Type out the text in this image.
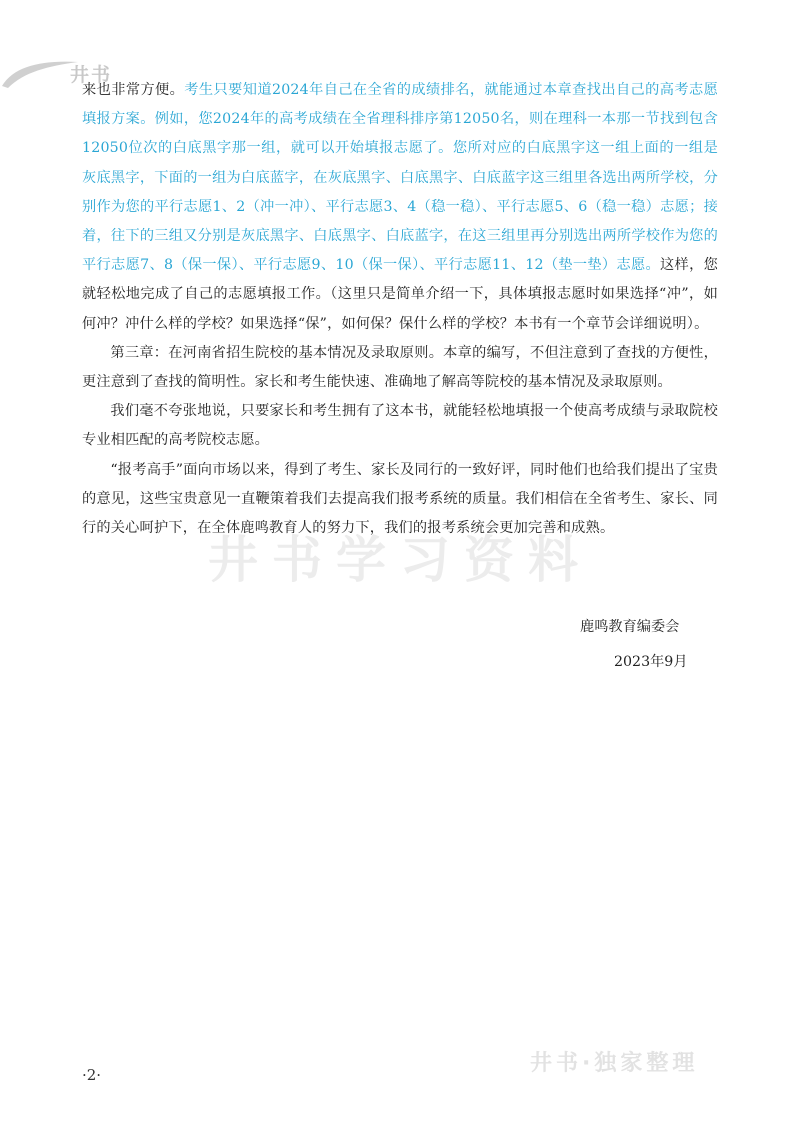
井书
井书学习资料

来也非常方便。考生只要知道2024年自己在全省的成绩排名，就能通过本章查找出自己的高考志愿填报方案。例如，您2024年的高考成绩在全省理科排序第12050名，则在理科一本那一节找到包含12050位次的白底黑字那一组，就可以开始填报志愿了。您所对应的白底黑字这一组上面的一组是灰底黑字，下面的一组为白底蓝字，在灰底黑字、白底黑字、白底蓝字这三组里各选出两所学校，分别作为您的平行志愿1、2（冲一冲）、平行志愿3、4（稳一稳）、平行志愿5、6（稳一稳）志愿；接着，往下的三组又分别是灰底黑字、白底黑字、白底蓝字，在这三组里再分别选出两所学校作为您的平行志愿7、8（保一保）、平行志愿9、10（保一保）、平行志愿11、12（垫一垫）志愿。这样，您就轻松地完成了自己的志愿填报工作。（这里只是简单介绍一下，具体填报志愿时如果选择“冲”，如何冲？冲什么样的学校？如果选择“保”，如何保？保什么样的学校？本书有一个章节会详细说明）。

第三章：在河南省招生院校的基本情况及录取原则。本章的编写，不但注意到了查找的方便性，更注意到了查找的简明性。家长和考生能快速、准确地了解高等院校的基本情况及录取原则。

我们毫不夸张地说，只要家长和考生拥有了这本书，就能轻松地填报一个使高考成绩与录取院校专业相匹配的高考院校志愿。

“报考高手”面向市场以来，得到了考生、家长及同行的一致好评，同时他们也给我们提出了宝贵的意见，这些宝贵意见一直鞭策着我们去提高我们报考系统的质量。我们相信在全省考生、家长、同行的关心呵护下，在全体鹿鸣教育人的努力下，我们的报考系统会更加完善和成熟。

鹿鸣教育编委会
2023年9月
·2·	井书·独家整理
